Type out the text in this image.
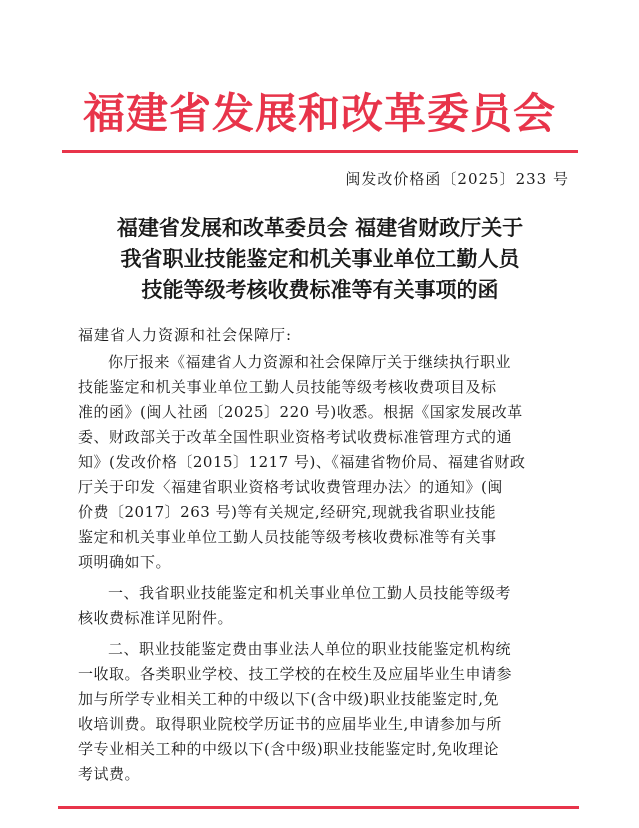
福建省发展和改革委员会
闽发改价格函〔2025〕233 号
福建省发展和改革委员会 福建省财政厅关于
我省职业技能鉴定和机关事业单位工勤人员
技能等级考核收费标准等有关事项的函
福建省人力资源和社会保障厅:
你厅报来《福建省人力资源和社会保障厅关于继续执行职业
技能鉴定和机关事业单位工勤人员技能等级考核收费项目及标
准的函》(闽人社函〔2025〕220 号)收悉。根据《国家发展改革
委、财政部关于改革全国性职业资格考试收费标准管理方式的通
知》(发改价格〔2015〕1217 号)、《福建省物价局、福建省财政
厅关于印发〈福建省职业资格考试收费管理办法〉的通知》(闽
价费〔2017〕263 号)等有关规定,经研究,现就我省职业技能
鉴定和机关事业单位工勤人员技能等级考核收费标准等有关事
项明确如下。
一、我省职业技能鉴定和机关事业单位工勤人员技能等级考
核收费标准详见附件。
二、职业技能鉴定费由事业法人单位的职业技能鉴定机构统
一收取。各类职业学校、技工学校的在校生及应届毕业生申请参
加与所学专业相关工种的中级以下(含中级)职业技能鉴定时,免
收培训费。取得职业院校学历证书的应届毕业生,申请参加与所
学专业相关工种的中级以下(含中级)职业技能鉴定时,免收理论
考试费。
